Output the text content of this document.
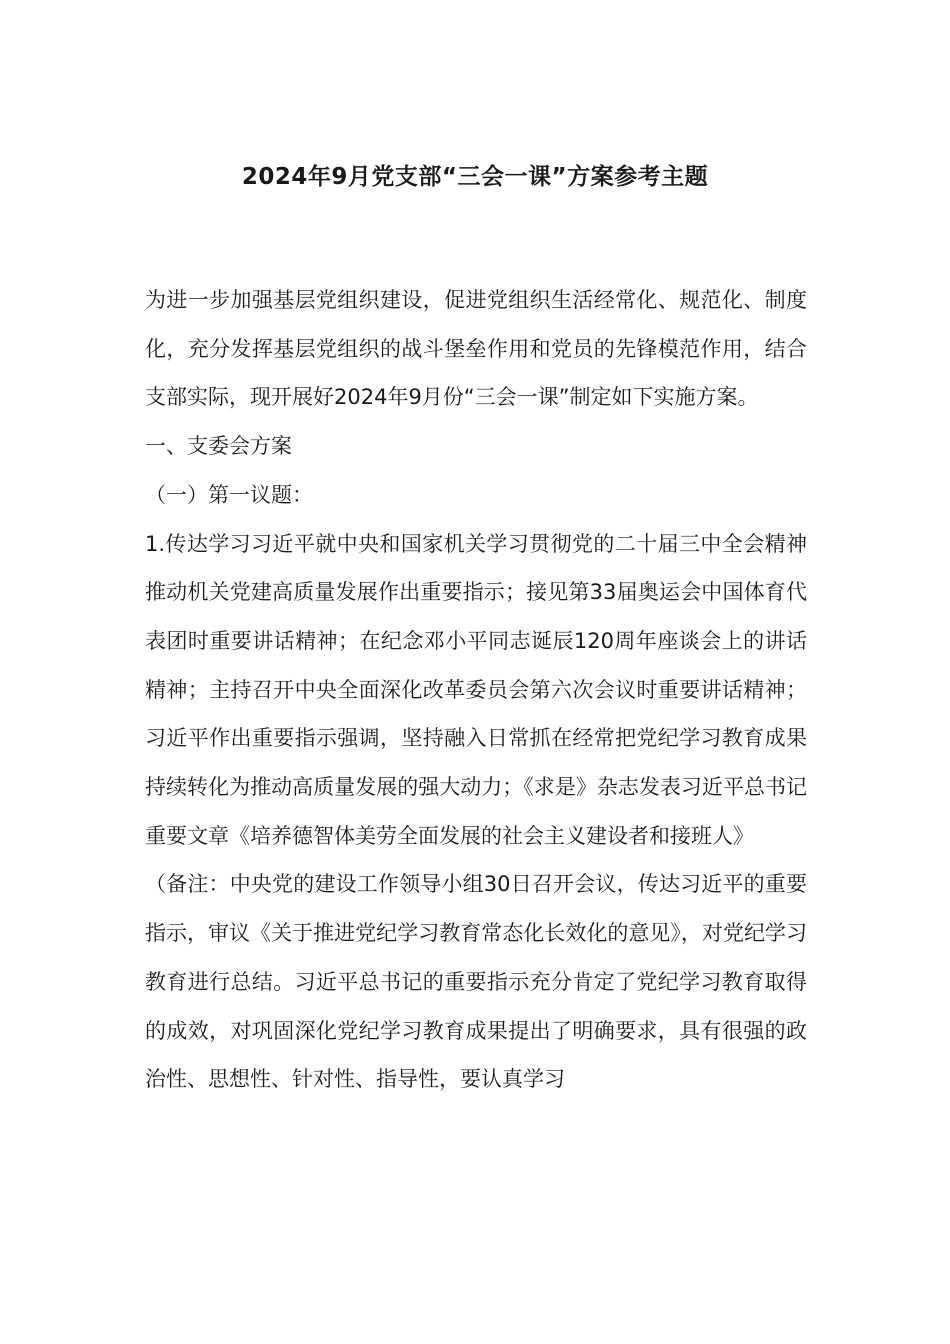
2024年9月党支部“三会一课”方案参考主题

为进一步加强基层党组织建设，促进党组织生活经常化、规范化、制度化，充分发挥基层党组织的战斗堡垒作用和党员的先锋模范作用，结合支部实际，现开展好2024年9月份“三会一课”制定如下实施方案。

一、支委会方案

（一）第一议题：

1.传达学习习近平就中央和国家机关学习贯彻党的二十届三中全会精神推动机关党建高质量发展作出重要指示；接见第33届奥运会中国体育代表团时重要讲话精神；在纪念邓小平同志诞辰120周年座谈会上的讲话精神；主持召开中央全面深化改革委员会第六次会议时重要讲话精神；习近平作出重要指示强调，坚持融入日常抓在经常把党纪学习教育成果持续转化为推动高质量发展的强大动力；《求是》杂志发表习近平总书记重要文章《培养德智体美劳全面发展的社会主义建设者和接班人》

（备注：中央党的建设工作领导小组30日召开会议，传达习近平的重要指示，审议《关于推进党纪学习教育常态化长效化的意见》，对党纪学习教育进行总结。习近平总书记的重要指示充分肯定了党纪学习教育取得的成效，对巩固深化党纪学习教育成果提出了明确要求，具有很强的政治性、思想性、针对性、指导性，要认真学习
